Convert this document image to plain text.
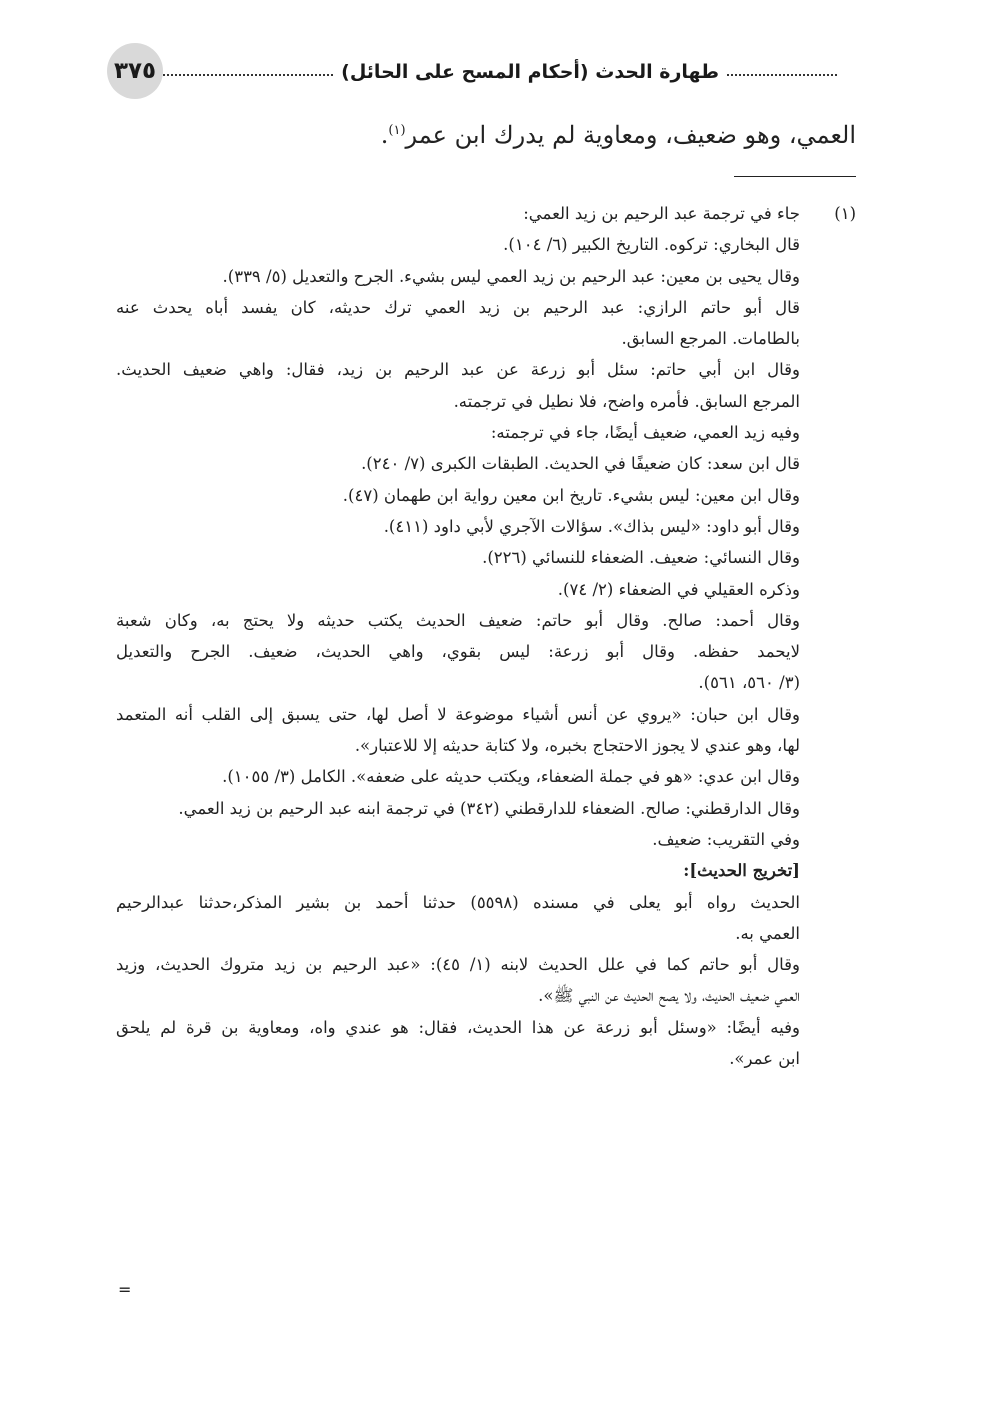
طهارة الحدث (أحكام المسح على الحائل)
٣٧٥

العمي، وهو ضعيف، ومعاوية لم يدرك ابن عمر$^{(١)}$.

(١)جاء في ترجمة عبد الرحيم بن زيد العمي:
قال البخاري: تركوه. التاريخ الكبير (٦/ ١٠٤).
وقال يحيى بن معين: عبد الرحيم بن زيد العمي ليس بشيء. الجرح والتعديل (٥/ ٣٣٩).
قال أبو حاتم الرازي: عبد الرحيم بن زيد العمي ترك حديثه، كان يفسد أباه يحدث عنه
بالطامات. المرجع السابق.
وقال ابن أبي حاتم: سئل أبو زرعة عن عبد الرحيم بن زيد، فقال: واهي ضعيف الحديث.
المرجع السابق. فأمره واضح، فلا نطيل في ترجمته.
وفيه زيد العمي، ضعيف أيضًا، جاء في ترجمته:
قال ابن سعد: كان ضعيفًا في الحديث. الطبقات الكبرى (٧/ ٢٤٠).
وقال ابن معين: ليس بشيء. تاريخ ابن معين رواية ابن طهمان (٤٧).
وقال أبو داود: «ليس بذاك». سؤالات الآجري لأبي داود (٤١١).
وقال النسائي: ضعيف. الضعفاء للنسائي (٢٢٦).
وذكره العقيلي في الضعفاء (٢/ ٧٤).
وقال أحمد: صالح. وقال أبو حاتم: ضعيف الحديث يكتب حديثه ولا يحتج به، وكان شعبة
لايحمد حفظه. وقال أبو زرعة: ليس بقوي، واهي الحديث، ضعيف. الجرح والتعديل
(٣/ ٥٦٠، ٥٦١).
وقال ابن حبان: «يروي عن أنس أشياء موضوعة لا أصل لها، حتى يسبق إلى القلب أنه المتعمد
لها، وهو عندي لا يجوز الاحتجاج بخبره، ولا كتابة حديثه إلا للاعتبار».
وقال ابن عدي: «هو في جملة الضعفاء، ويكتب حديثه على ضعفه». الكامل (٣/ ١٠٥٥).
وقال الدارقطني: صالح. الضعفاء للدارقطني (٣٤٢) في ترجمة ابنه عبد الرحيم بن زيد العمي.
وفي التقريب: ضعيف.
[تخريج الحديث]:
الحديث رواه أبو يعلى في مسنده (٥٥٩٨) حدثنا أحمد بن بشير المذكر،حدثنا عبدالرحيم
العمي به.
وقال أبو حاتم كما في علل الحديث لابنه (١/ ٤٥): «عبد الرحيم بن زيد متروك الحديث، وزيد
العمي ضعيف الحديث، ولا يصح الحديث عن النبي ﷺ».
وفيه أيضًا: «وسئل أبو زرعة عن هذا الحديث، فقال: هو عندي واه، ومعاوية بن قرة لم يلحق
ابن عمر».
=
